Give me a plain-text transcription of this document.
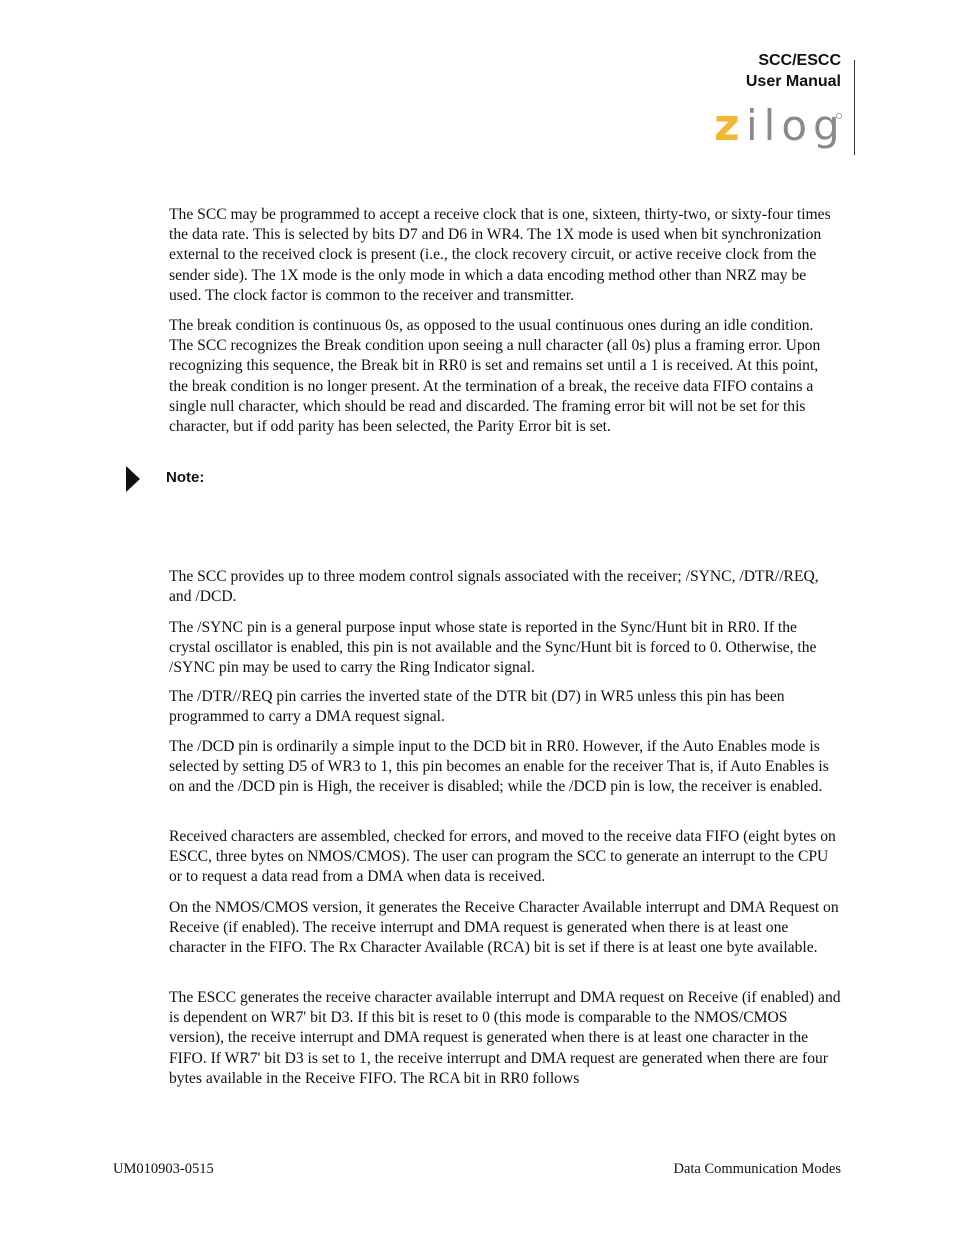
SCC/ESCC
User Manual
z ilog

The SCC may be programmed to accept a receive clock that is one, sixteen, thirty-two, or sixty-four times the data rate. This is selected by bits D7 and D6 in WR4. The 1X mode is used when bit synchronization external to the received clock is present (i.e., the clock recovery circuit, or active receive clock from the sender side). The 1X mode is the only mode in which a data encoding method other than NRZ may be used. The clock factor is common to the receiver and transmitter.

The break condition is continuous 0s, as opposed to the usual continuous ones during an idle condition. The SCC recognizes the Break condition upon seeing a null character (all 0s) plus a framing error. Upon recognizing this sequence, the Break bit in RR0 is set and remains set until a 1 is received. At this point, the break condition is no longer present. At the termination of a break, the receive data FIFO contains a single null character, which should be read and discarded. The framing error bit will not be set for this character, but if odd parity has been selected, the Parity Error bit is set.

Note:

The SCC provides up to three modem control signals associated with the receiver; /SYNC, /DTR//REQ, and /DCD.

The /SYNC pin is a general purpose input whose state is reported in the Sync/Hunt bit in RR0. If the crystal oscillator is enabled, this pin is not available and the Sync/Hunt bit is forced to 0. Otherwise, the /SYNC pin may be used to carry the Ring Indicator signal.

The /DTR//REQ pin carries the inverted state of the DTR bit (D7) in WR5 unless this pin has been programmed to carry a DMA request signal.

The /DCD pin is ordinarily a simple input to the DCD bit in RR0. However, if the Auto Enables mode is selected by setting D5 of WR3 to 1, this pin becomes an enable for the receiver That is, if Auto Enables is on and the /DCD pin is High, the receiver is disabled; while the /DCD pin is low, the receiver is enabled.

Received characters are assembled, checked for errors, and moved to the receive data FIFO (eight bytes on ESCC, three bytes on NMOS/CMOS). The user can program the SCC to generate an interrupt to the CPU or to request a data read from a DMA when data is received.

On the NMOS/CMOS version, it generates the Receive Character Available interrupt and DMA Request on Receive (if enabled). The receive interrupt and DMA request is generated when there is at least one character in the FIFO. The Rx Character Available (RCA) bit is set if there is at least one byte available.

The ESCC generates the receive character available interrupt and DMA request on Receive (if enabled) and is dependent on WR7' bit D3. If this bit is reset to 0 (this mode is comparable to the NMOS/CMOS version), the receive interrupt and DMA request is generated when there is at least one character in the FIFO. If WR7' bit D3 is set to 1, the receive interrupt and DMA request are generated when there are four bytes available in the Receive FIFO. The RCA bit in RR0 follows

UM010903-0515	Data Communication Modes
